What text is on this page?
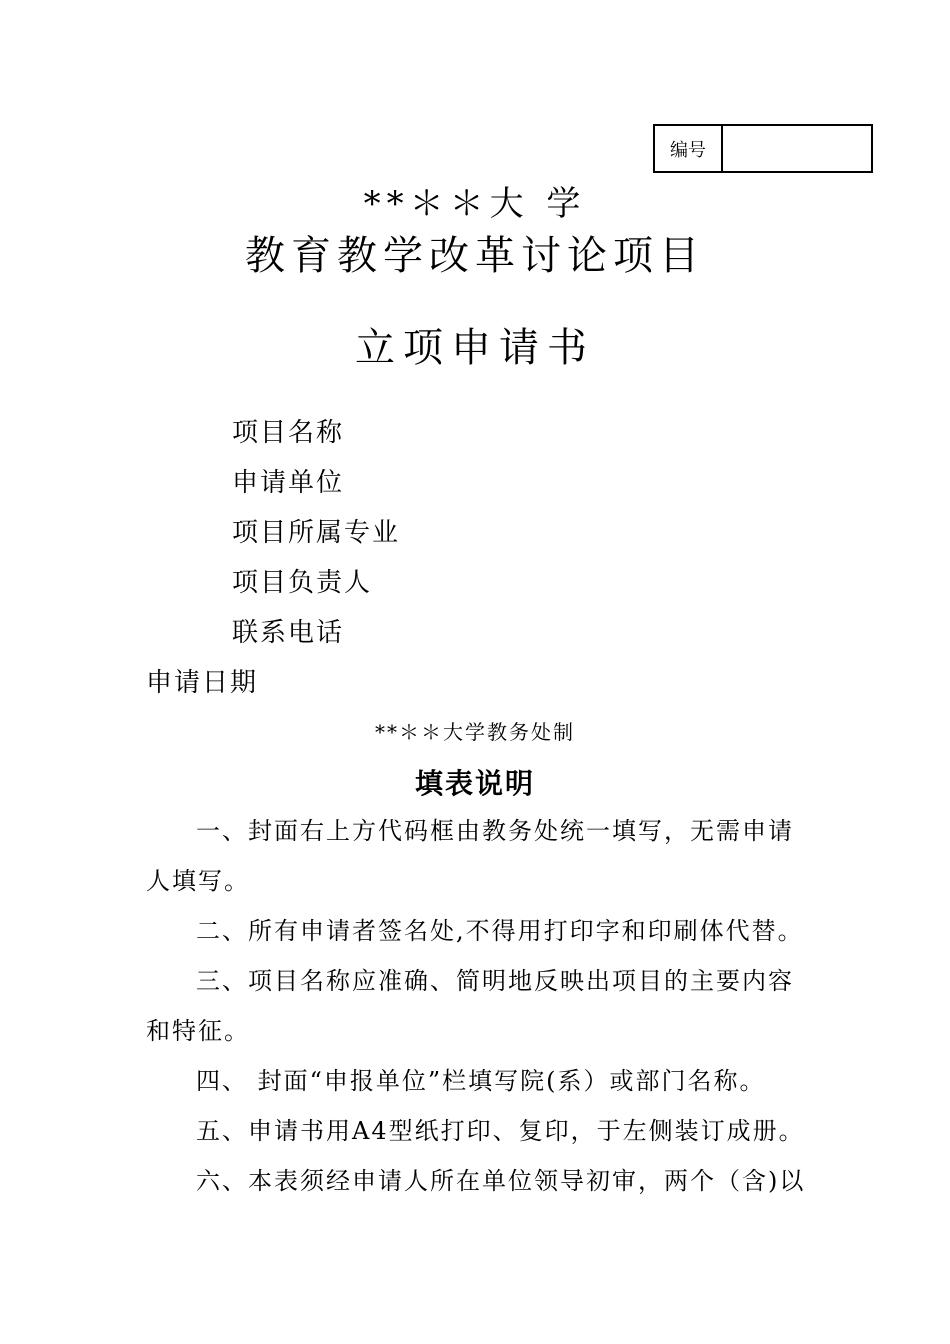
编号
**＊＊大 学
教育教学改革讨论项目
立项申请书
项目名称
申请单位
项目所属专业
项目负责人
联系电话
申请日期
**＊＊大学教务处制
填表说明

一、封面右上方代码框由教务处统一填写，无需申请人填写。

二、所有申请者签名处,不得用打印字和印刷体代替。

三、项目名称应准确、简明地反映出项目的主要内容和特征。

四、 封面“申报单位”栏填写院(系）或部门名称。

五、申请书用A4型纸打印、复印，于左侧装订成册。

六、本表须经申请人所在单位领导初审，两个（含)以
